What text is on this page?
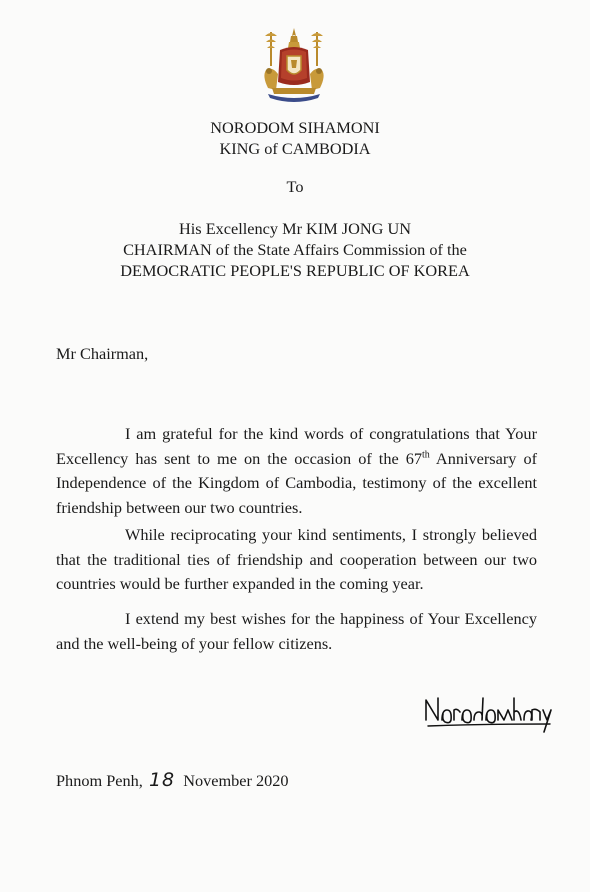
NORODOM SIHAMONI
KING of CAMBODIA
To
His Excellency Mr KIM JONG UN
CHAIRMAN of the State Affairs Commission of the
DEMOCRATIC PEOPLE'S REPUBLIC OF KOREA
Mr Chairman,

I am grateful for the kind words of congratulations that Your Excellency has sent to me on the occasion of the 67th Anniversary of Independence of the Kingdom of Cambodia, testimony of the excellent friendship between our two countries.

While reciprocating your kind sentiments, I strongly believed that the traditional ties of friendship and cooperation between our two countries would be further expanded in the coming year.

I extend my best wishes for the happiness of Your Excellency and the well-being of your fellow citizens.

Phnom Penh, 18 November 2020
